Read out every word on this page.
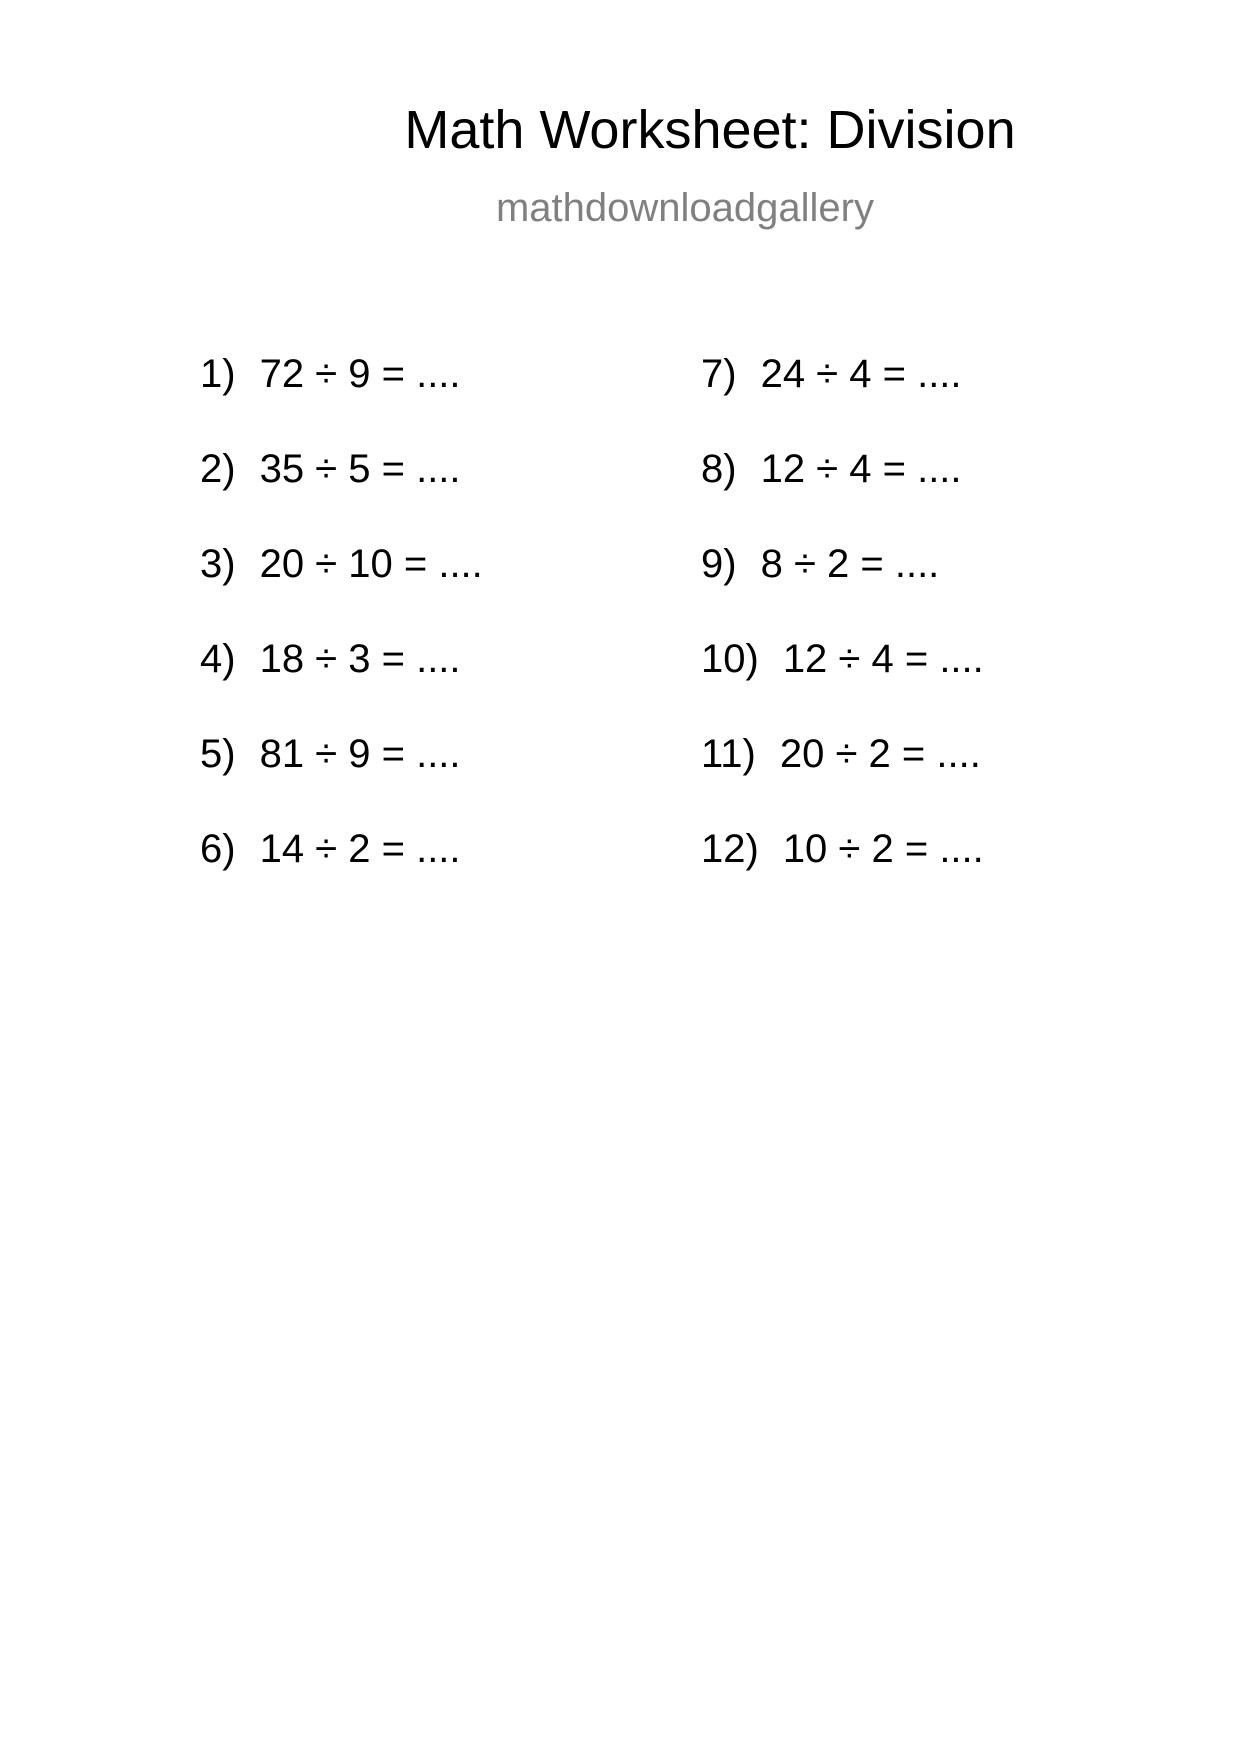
Math Worksheet: Division
mathdownloadgallery
1) 72 ÷ 9 = ....
2) 35 ÷ 5 = ....
3) 20 ÷ 10 = ....
4) 18 ÷ 3 = ....
5) 81 ÷ 9 = ....
6) 14 ÷ 2 = ....
7) 24 ÷ 4 = ....
8) 12 ÷ 4 = ....
9) 8 ÷ 2 = ....
10) 12 ÷ 4 = ....
11) 20 ÷ 2 = ....
12) 10 ÷ 2 = ....
